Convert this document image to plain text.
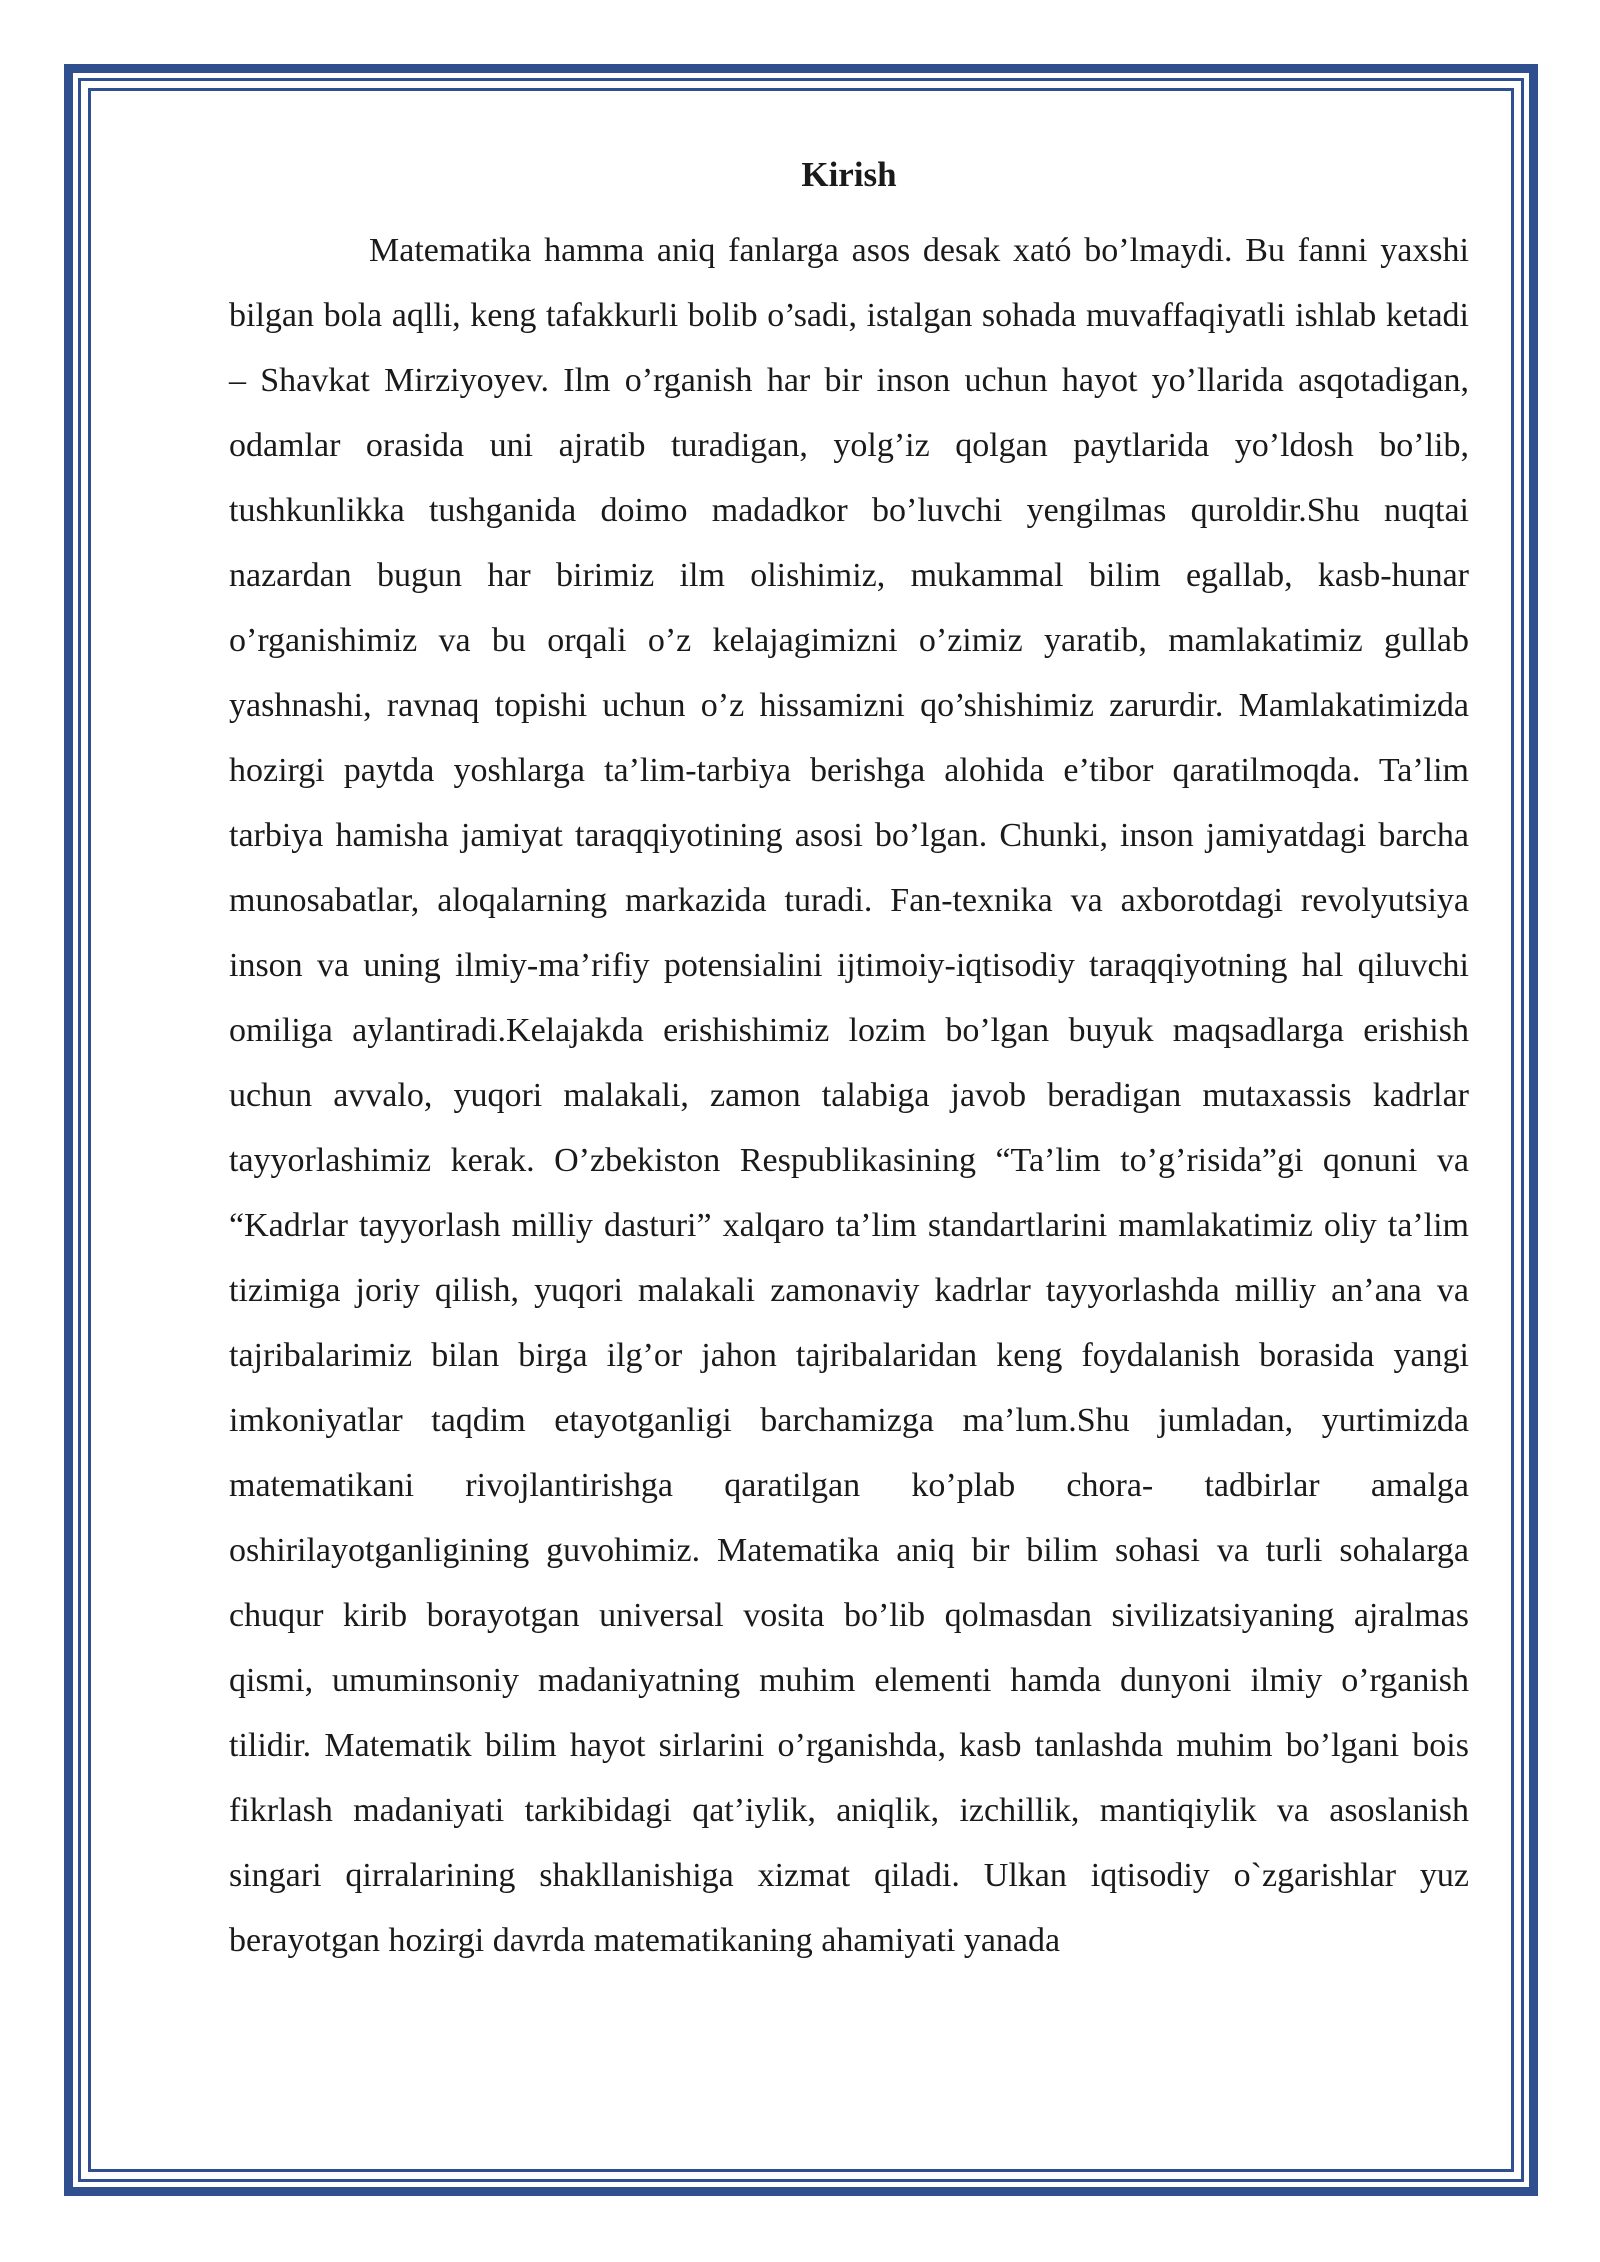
Kirish

Matematika hamma aniq fanlarga asos desak xató bo’lmaydi. Bu fanni yaxshi bilgan bola aqlli, keng tafakkurli bolib o’sadi, istalgan sohada muvaffaqiyatli ishlab ketadi – Shavkat Mirziyoyev. Ilm o’rganish har bir inson uchun hayot yo’llarida asqotadigan, odamlar orasida uni ajratib turadigan, yolg’iz qolgan paytlarida yo’ldosh bo’lib, tushkunlikka tushganida doimo madadkor bo’luvchi yengilmas quroldir.Shu nuqtai nazardan bugun har birimiz ilm olishimiz, mukammal bilim egallab, kasb-hunar o’rganishimiz va bu orqali o’z kelajagimizni o’zimiz yaratib, mamlakatimiz gullab yashnashi, ravnaq topishi uchun o’z hissamizni qo’shishimiz zarurdir. Mamlakatimizda hozirgi paytda yoshlarga ta’lim-tarbiya berishga alohida e’tibor qaratilmoqda. Ta’lim tarbiya hamisha jamiyat taraqqiyotining asosi bo’lgan. Chunki, inson jamiyatdagi barcha munosabatlar, aloqalarning markazida turadi. Fan-texnika va axborotdagi revolyutsiya inson va uning ilmiy-ma’rifiy potensialini ijtimoiy-iqtisodiy taraqqiyotning hal qiluvchi omiliga aylantiradi.Kelajakda erishishimiz lozim bo’lgan buyuk maqsadlarga erishish uchun avvalo, yuqori malakali, zamon talabiga javob beradigan mutaxassis kadrlar tayyorlashimiz kerak. O’zbekiston Respublikasining “Ta’lim to’g’risida”gi qonuni va “Kadrlar tayyorlash milliy dasturi” xalqaro ta’lim standartlarini mamlakatimiz oliy ta’lim tizimiga joriy qilish, yuqori malakali zamonaviy kadrlar tayyorlashda milliy an’ana va tajribalarimiz bilan birga ilg’or jahon tajribalaridan keng foydalanish borasida yangi imkoniyatlar taqdim etayotganligi barchamizga ma’lum.Shu jumladan, yurtimizda matematikani rivojlantirishga qaratilgan ko’plab chora- tadbirlar amalga oshirilayotganligining guvohimiz. Matematika aniq bir bilim sohasi va turli sohalarga chuqur kirib borayotgan universal vosita bo’lib qolmasdan sivilizatsiyaning ajralmas qismi, umuminsoniy madaniyatning muhim elementi hamda dunyoni ilmiy o’rganish tilidir. Matematik bilim hayot sirlarini o’rganishda, kasb tanlashda muhim bo’lgani bois fikrlash madaniyati tarkibidagi qat’iylik, aniqlik, izchillik, mantiqiylik va asoslanish singari qirralarining shakllanishiga xizmat qiladi. Ulkan iqtisodiy o`zgarishlar yuz berayotgan hozirgi davrda matematikaning ahamiyati yanada
